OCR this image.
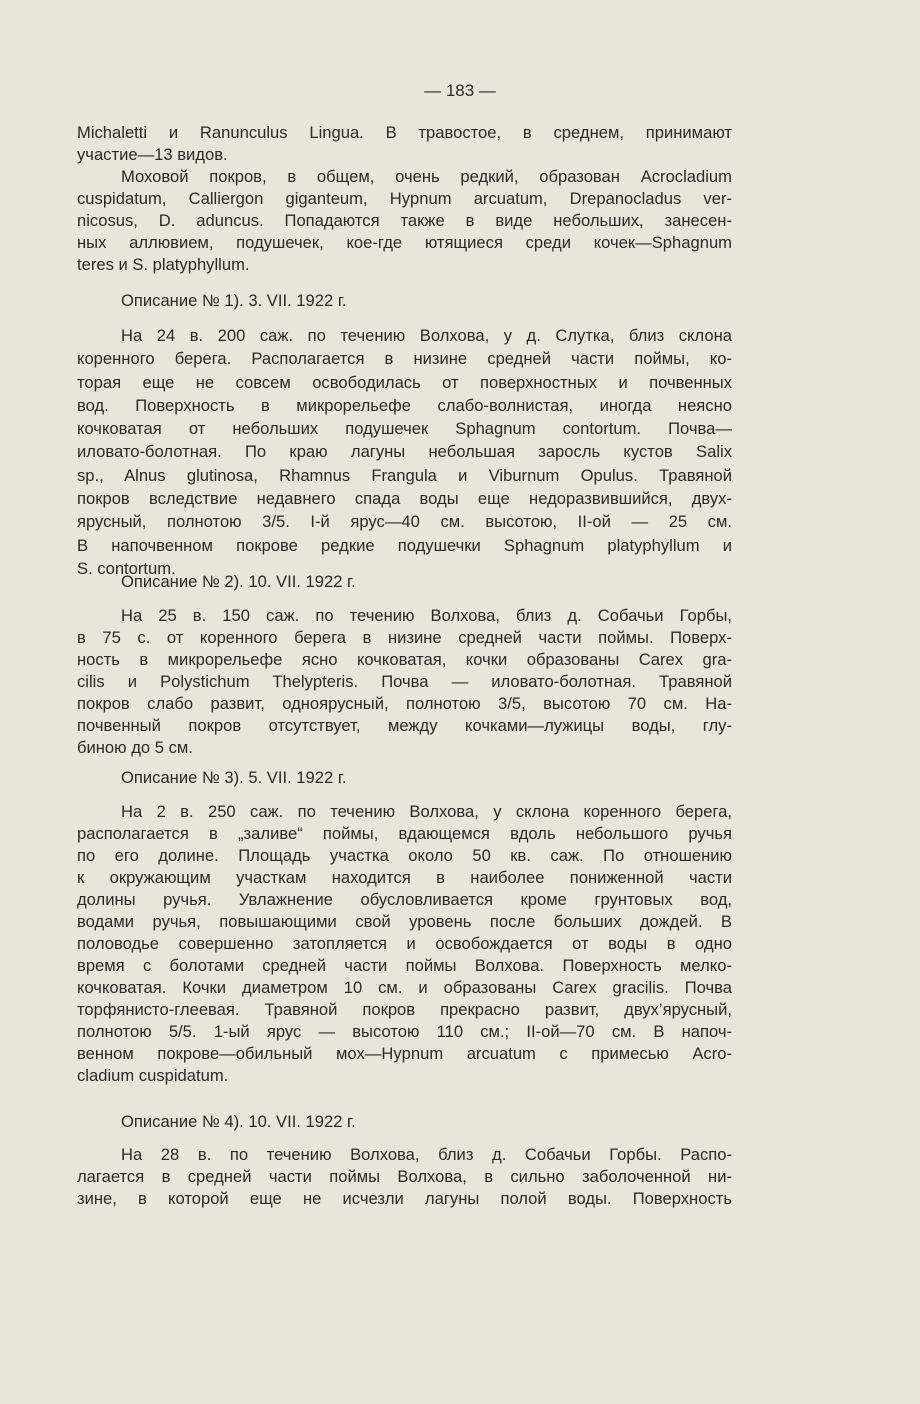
— 183 —
Michaletti и Ranunculus Lingua. В травостое, в среднем, принимают
участие—13 видов.
Моховой покров, в общем, очень редкий, образован Acrocladium
cuspidatum, Calliergon giganteum, Hypnum arcuatum, Drepanocladus ver-
nicosus, D. aduncus. Попадаются также в виде небольших, занесен-
ных аллювием, подушечек, кое-где ютящиеся среди кочек—Sphagnum
teres и S. platyphyllum.
Описание № 1). 3. VII. 1922 г.
На 24 в. 200 саж. по течению Волхова, у д. Слутка, близ склона
коренного берега. Располагается в низине средней части поймы, ко-
торая еще не совсем освободилась от поверхностных и почвенных
вод. Поверхность в микрорельефе слабо-волнистая, иногда неясно
кочковатая от небольших подушечек Sphagnum contortum. Почва—
иловато-болотная. По краю лагуны небольшая заросль кустов Salix
sp., Alnus glutinosa, Rhamnus Frangula и Viburnum Opulus. Травяной
покров вследствие недавнего спада воды еще недоразвившийся, двух-
ярусный, полнотою 3/5. I-й ярус—40 см. высотою, II-ой — 25 см.
В напочвенном покрове редкие подушечки Sphagnum platyphyllum и
S. contortum.
Описание № 2). 10. VII. 1922 г.
На 25 в. 150 саж. по течению Волхова, близ д. Собачьи Горбы,
в 75 с. от коренного берега в низине средней части поймы. Поверх-
ность в микрорельефе ясно кочковатая, кочки образованы Carex gra-
cilis и Polystichum Thelypteris. Почва — иловато-болотная. Травяной
покров слабо развит, одноярусный, полнотою 3/5, высотою 70 см. На-
почвенный покров отсутствует, между кочками—лужицы воды, глу-
биною до 5 см.
Описание № 3). 5. VII. 1922 г.
На 2 в. 250 саж. по течению Волхова, у склона коренного берега,
располагается в „заливе“ поймы, вдающемся вдоль небольшого ручья
по его долине. Площадь участка около 50 кв. саж. По отношению
к окружающим участкам находится в наиболее пониженной части
долины ручья. Увлажнение обусловливается кроме грунтовых вод,
водами ручья, повышающими свой уровень после больших дождей. В
половодье совершенно затопляется и освобождается от воды в одно
время с болотами средней части поймы Волхова. Поверхность мелко-
кочковатая. Кочки диаметром 10 см. и образованы Carex gracilis. Почва
торфянисто-глеевая. Травяной покров прекрасно развит, двух’ярусный,
полнотою 5/5. 1-ый ярус — высотою 110 см.; II-ой—70 см. В напоч-
венном покрове—обильный мох—Hypnum arcuatum с примесью Acro-
cladium cuspidatum.
Описание № 4). 10. VII. 1922 г.
На 28 в. по течению Волхова, близ д. Собачьи Горбы. Распо-
лагается в средней части поймы Волхова, в сильно заболоченной ни-
зине, в которой еще не исчезли лагуны полой воды. Поверхность
